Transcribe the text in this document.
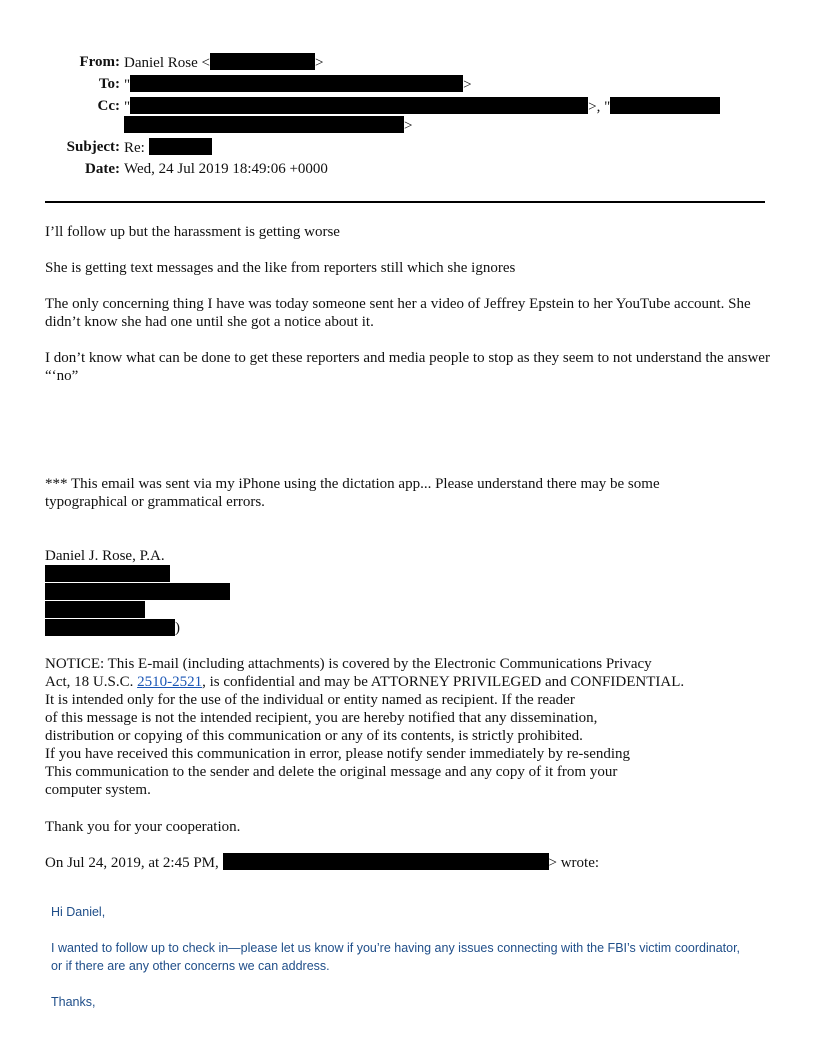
From: Daniel Rose <	>
To: "	>
Cc: "	>, "
>
Subject: Re:
Date: Wed, 24 Jul 2019 18:49:06 +0000
I’ll follow up but the harassment is getting worse
She is getting text messages and the like from reporters still which she ignores
The only concerning thing I have was today someone sent her a video of Jeffrey Epstein to her YouTube account. She didn’t know she had one until she got a notice about it.
I don’t know what can be done to get these reporters and media people to stop as they seem to not understand the answer “‘no”
*** This email was sent via my iPhone using the dictation app... Please understand there may be some typographical or grammatical errors.
Daniel J. Rose, P.A.
)
NOTICE: This E-mail (including attachments) is covered by the Electronic Communications Privacy
Act, 18 U.S.C. 2510-2521, is confidential and may be ATTORNEY PRIVILEGED and CONFIDENTIAL.
It is intended only for the use of the individual or entity named as recipient. If the reader
of this message is not the intended recipient, you are hereby notified that any dissemination,
distribution or copying of this communication or any of its contents, is strictly prohibited.
If you have received this communication in error, please notify sender immediately by re-sending
This communication to the sender and delete the original message and any copy of it from your
computer system.
Thank you for your cooperation.
On Jul 24, 2019, at 2:45 PM,	> wrote:
Hi Daniel,
I wanted to follow up to check in—please let us know if you’re having any issues connecting with the FBI’s victim coordinator, or if there are any other concerns we can address.
Thanks,
